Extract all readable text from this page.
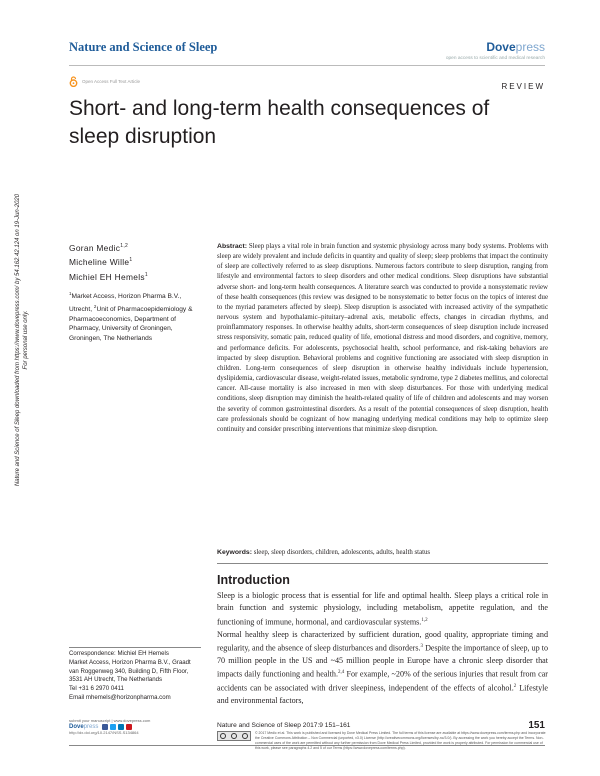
Nature and Science of Sleep	Dovepress
open access to scientific and medical research
Open Access Full Text Article
REVIEW
Short- and long-term health consequences of sleep disruption
Nature and Science of Sleep downloaded from https://www.dovepress.com/ by 54.162.42.124 on 19-Jun-2020 For personal use only.
Goran Medic$^{1,2}$
Micheline Wille$^1$
Michiel EH Hemels$^1$
$^1$Market Access, Horizon Pharma B.V., Utrecht, $^2$Unit of Pharmacoepidemiology & Pharmacoeconomics, Department of Pharmacy, University of Groningen, Groningen, The Netherlands
Abstract: Sleep plays a vital role in brain function and systemic physiology across many body systems. Problems with sleep are widely prevalent and include deficits in quantity and quality of sleep; sleep problems that impact the continuity of sleep are collectively referred to as sleep disruptions. Numerous factors contribute to sleep disruption, ranging from lifestyle and environmental factors to sleep disorders and other medical conditions. Sleep disruptions have substantial adverse short- and long-term health consequences. A literature search was conducted to provide a nonsystematic review of these health consequences (this review was designed to be nonsystematic to better focus on the topics of interest due to the myriad parameters affected by sleep). Sleep disruption is associated with increased activity of the sympathetic nervous system and hypothalamic–pituitary–adrenal axis, metabolic effects, changes in circadian rhythms, and proinflammatory responses. In otherwise healthy adults, short-term consequences of sleep disruption include increased stress responsivity, somatic pain, reduced quality of life, emotional distress and mood disorders, and cognitive, memory, and performance deficits. For adolescents, psychosocial health, school performance, and risk-taking behaviors are impacted by sleep disruption. Behavioral problems and cognitive functioning are associated with sleep disruption in children. Long-term consequences of sleep disruption in otherwise healthy individuals include hypertension, dyslipidemia, cardiovascular disease, weight-related issues, metabolic syndrome, type 2 diabetes mellitus, and colorectal cancer. All-cause mortality is also increased in men with sleep disturbances. For those with underlying medical conditions, sleep disruption may diminish the health-related quality of life of children and adolescents and may worsen the severity of common gastrointestinal disorders. As a result of the potential consequences of sleep disruption, health care professionals should be cognizant of how managing underlying medical conditions may help to optimize sleep continuity and consider prescribing interventions that minimize sleep disruption.
Keywords: sleep, sleep disorders, children, adolescents, adults, health status
Introduction
Sleep is a biologic process that is essential for life and optimal health. Sleep plays a critical role in brain function and systemic physiology, including metabolism, appetite regulation, and the functioning of immune, hormonal, and cardiovascular systems.$^{1,2}$
Normal healthy sleep is characterized by sufficient duration, good quality, appropriate timing and regularity, and the absence of sleep disturbances and disorders.$^3$ Despite the importance of sleep, up to 70 million people in the US and ~45 million people in Europe have a chronic sleep disorder that impacts daily functioning and health.$^{2,4}$ For example, ~20% of the serious injuries that result from car accidents can be associated with driver sleepiness, independent of the effects of alcohol.$^2$ Lifestyle and environmental factors,
Correspondence: Michiel EH Hemels
Market Access, Horizon Pharma B.V., Graadt van Roggenweg 340, Building D, Fifth Floor, 3531 AH Utrecht, The Netherlands
Tel +31 6 2970 0411
Email mhemels@horizonpharma.com
submit your manuscript | www.dovepress.com
Dovepress
http://dx.doi.org/10.2147/NSS.S134864
Nature and Science of Sleep 2017:9 151–161	151
© 2017 Medic et al. This work is published and licensed by Dove Medical Press Limited. The full terms of this license are available at https://www.dovepress.com/terms.php and incorporate the Creative Commons Attribution – Non Commercial (unported, v3.0) License (http://creativecommons.org/licenses/by-nc/3.0/). By accessing the work you hereby accept the Terms. Non-commercial uses of the work are permitted without any further permission from Dove Medical Press Limited, provided the work is properly attributed. For permission for commercial use of this work, please see paragraphs 4.2 and 5 of our Terms (https://www.dovepress.com/terms.php).
